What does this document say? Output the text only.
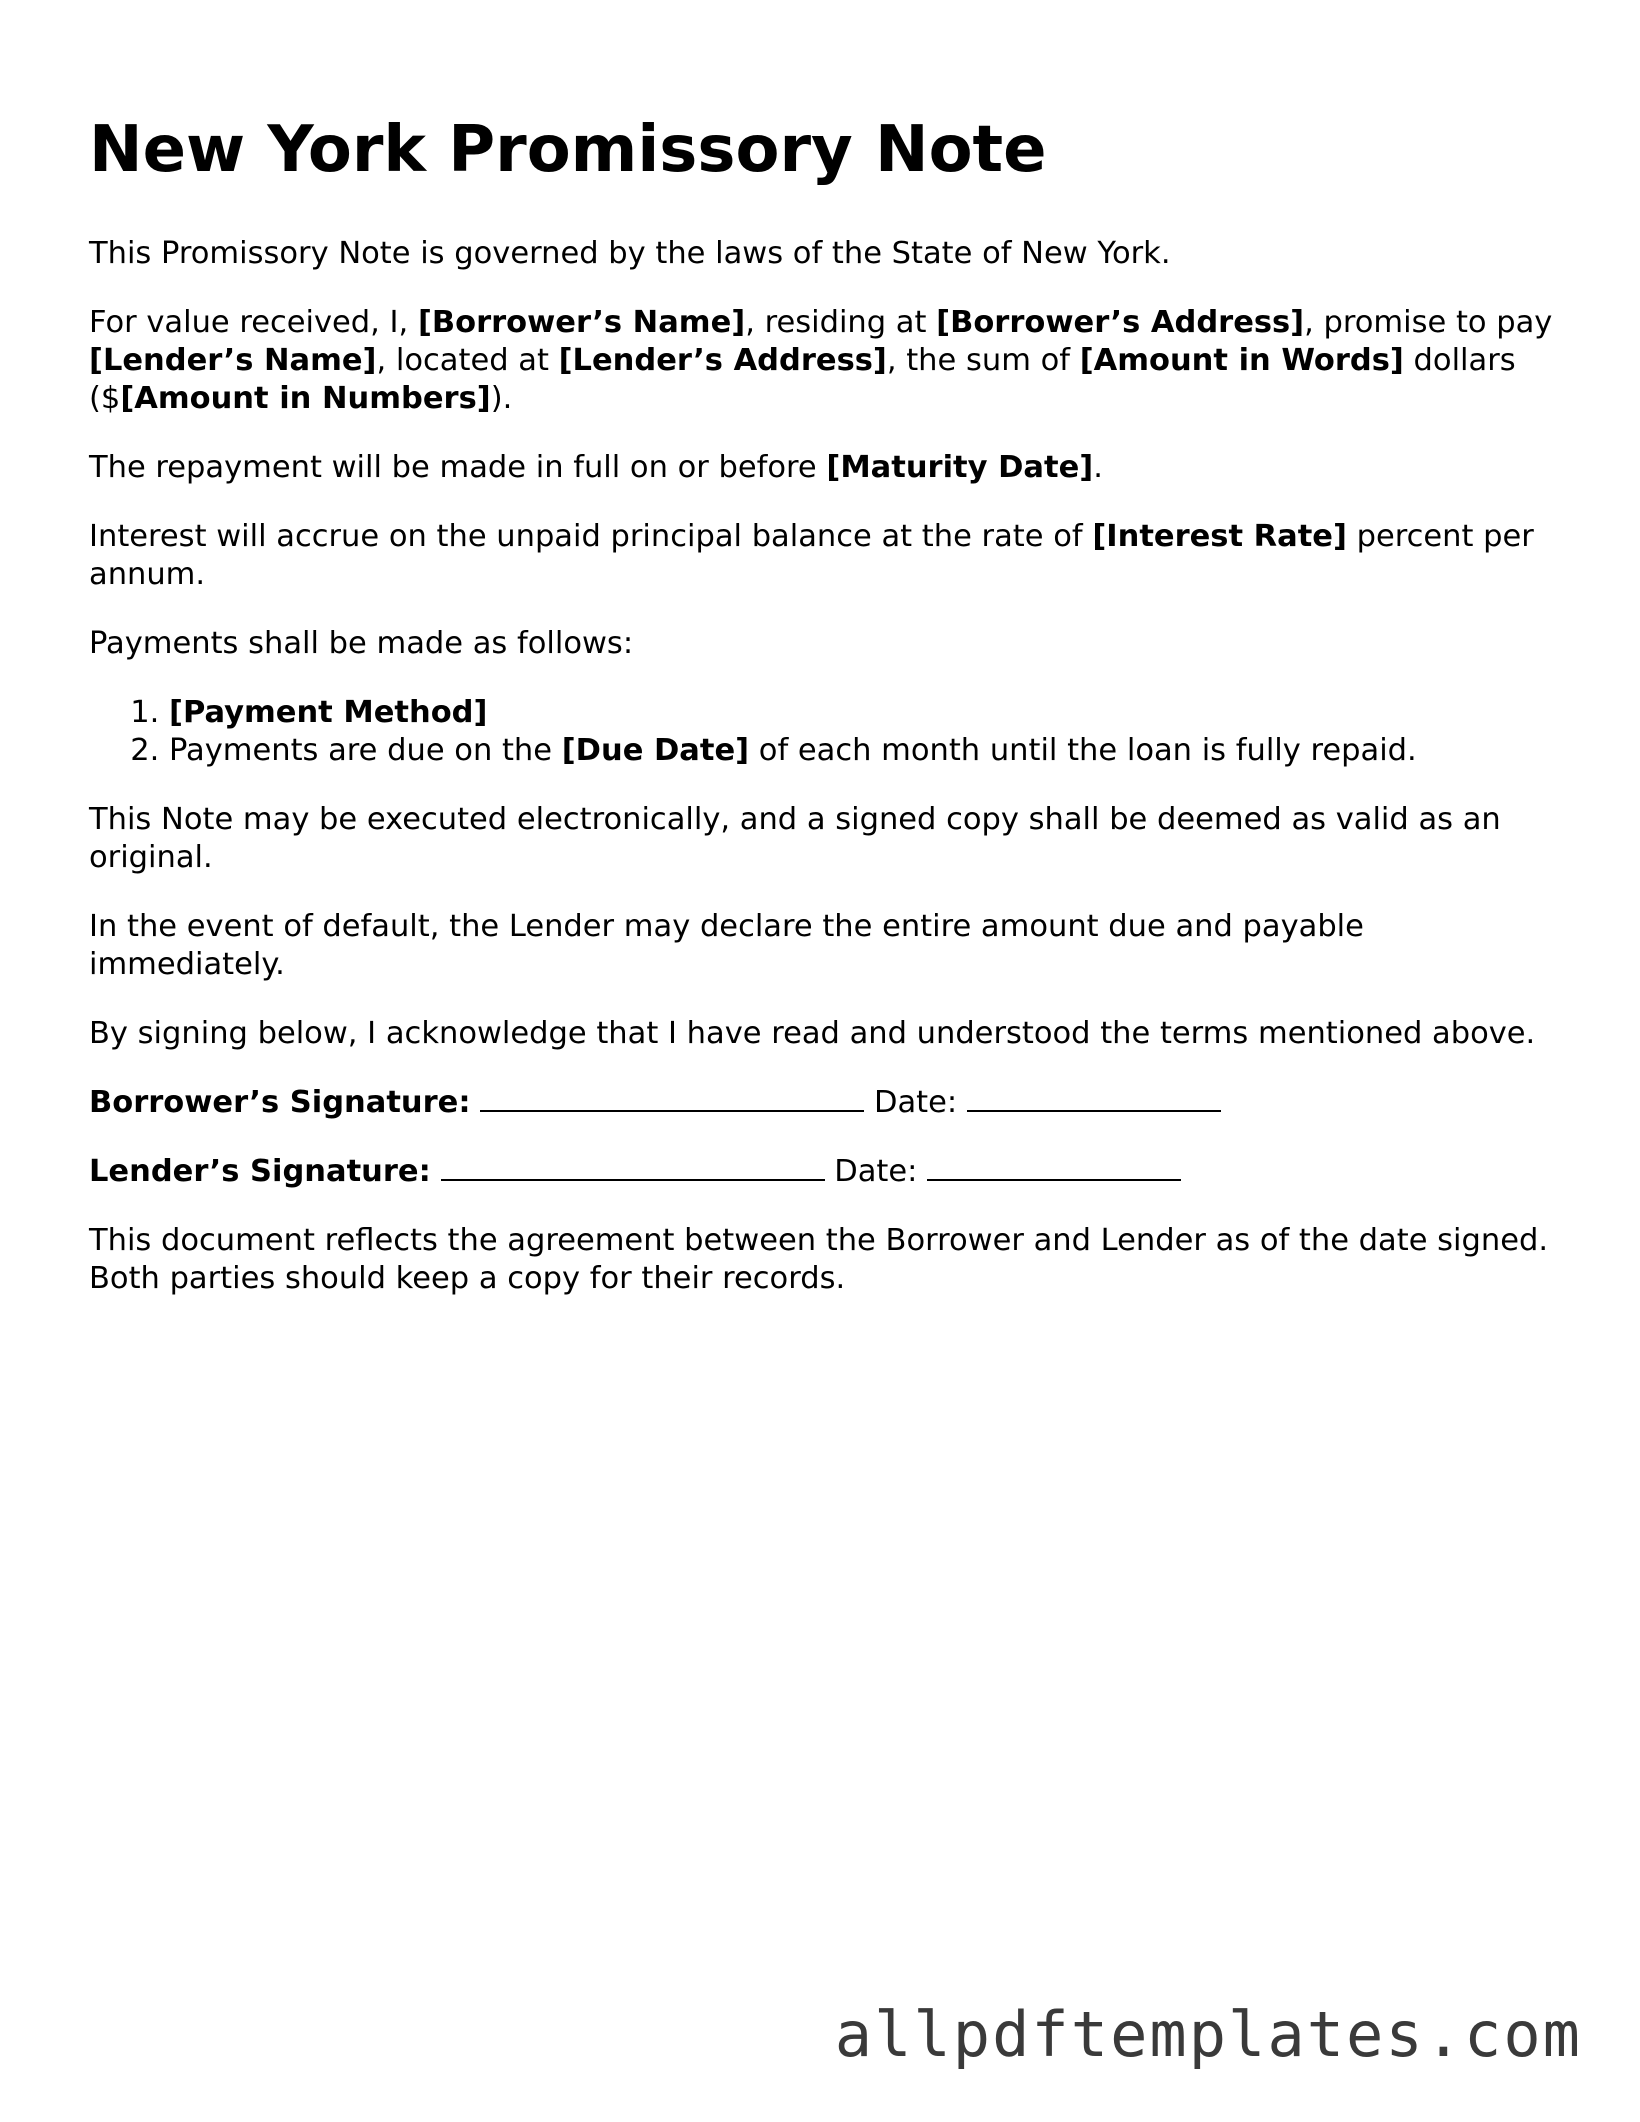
New York Promissory Note

This Promissory Note is governed by the laws of the State of New York.

For value received, I, [Borrower’s Name], residing at [Borrower’s Address], promise to pay [Lender’s Name], located at [Lender’s Address], the sum of [Amount in Words] dollars ($[Amount in Numbers]).

The repayment will be made in full on or before [Maturity Date].

Interest will accrue on the unpaid principal balance at the rate of [Interest Rate] percent per annum.

Payments shall be made as follows:

1. [Payment Method]
2. Payments are due on the [Due Date] of each month until the loan is fully repaid.

This Note may be executed electronically, and a signed copy shall be deemed as valid as an original.

In the event of default, the Lender may declare the entire amount due and payable immediately.

By signing below, I acknowledge that I have read and understood the terms mentioned above.

Borrower’s Signature:	Date:

Lender’s Signature:	Date:

This document reflects the agreement between the Borrower and Lender as of the date signed. Both parties should keep a copy for their records.

allpdftemplates.com
